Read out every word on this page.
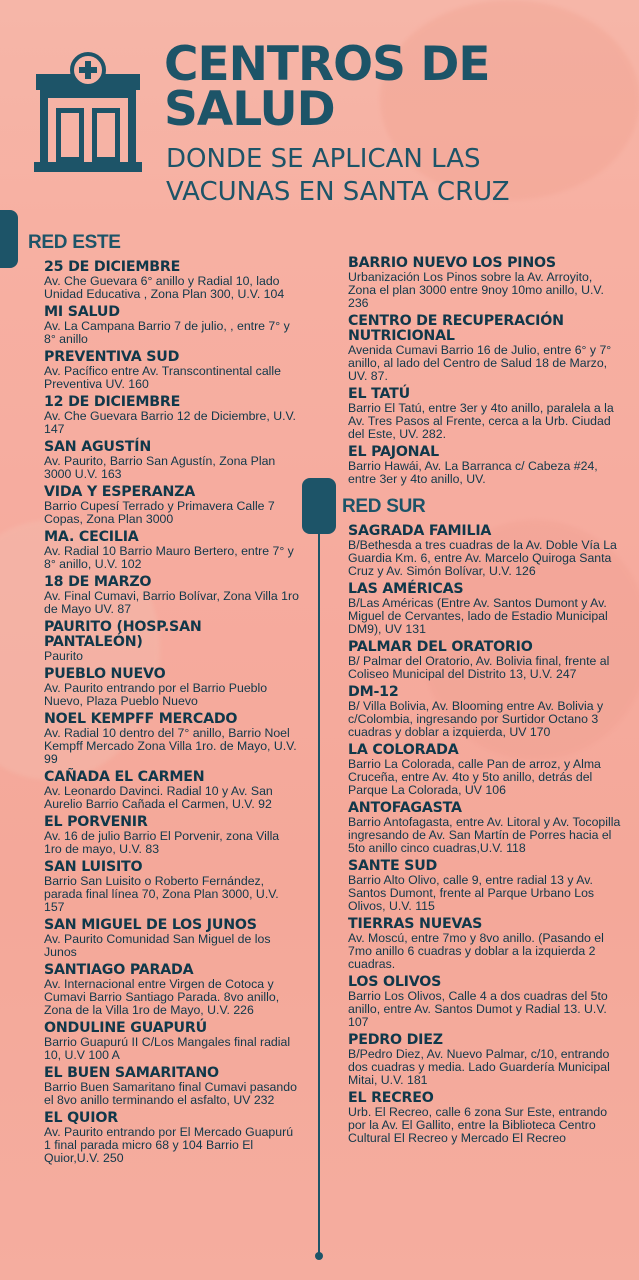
CENTROS DE
SALUD
DONDE SE APLICAN LAS
VACUNAS EN SANTA CRUZ
RED ESTE
RED SUR
25 DE DICIEMBRE
Av. Che Guevara 6° anillo y Radial 10, lado Unidad Educativa , Zona Plan 300, U.V. 104
MI SALUD
Av. La Campana Barrio 7 de julio, , entre 7° y 8° anillo
PREVENTIVA SUD
Av. Pacífico entre Av. Transcontinental calle Preventiva UV. 160
12 DE DICIEMBRE
Av. Che Guevara Barrio 12 de Diciembre, U.V. 147
SAN AGUSTÍN
Av. Paurito, Barrio San Agustín, Zona Plan 3000 U.V. 163
VIDA Y ESPERANZA
Barrio Cupesí Terrado y Primavera Calle 7 Copas, Zona Plan 3000
MA. CECILIA
Av. Radial 10 Barrio Mauro Bertero, entre 7° y 8° anillo, U.V. 102
18 DE MARZO
Av. Final Cumavi, Barrio Bolívar, Zona Villa 1ro de Mayo UV. 87
PAURITO (HOSP.SAN PANTALEÓN)
Paurito
PUEBLO NUEVO
Av. Paurito entrando por el Barrio Pueblo Nuevo, Plaza Pueblo Nuevo
NOEL KEMPFF MERCADO
Av. Radial 10 dentro del 7° anillo, Barrio Noel Kempff Mercado Zona Villa 1ro. de Mayo, U.V. 99
CAÑADA EL CARMEN
Av. Leonardo Davinci. Radial 10 y Av. San Aurelio Barrio Cañada el Carmen, U.V. 92
EL PORVENIR
Av. 16 de julio Barrio El Porvenir, zona Villa 1ro de mayo, U.V. 83
SAN LUISITO
Barrio San Luisito o Roberto Fernández, parada final línea 70, Zona Plan 3000, U.V. 157
SAN MIGUEL DE LOS JUNOS
Av. Paurito Comunidad San Miguel de los Junos
SANTIAGO PARADA
Av. Internacional entre Virgen de Cotoca y Cumavi Barrio Santiago Parada. 8vo anillo, Zona de la Villa 1ro de Mayo, U.V. 226
ONDULINE GUAPURÚ
Barrio Guapurú II C/Los Mangales final radial 10, U.V 100 A
EL BUEN SAMARITANO
Barrio Buen Samaritano final Cumavi pasando el 8vo anillo terminando el asfalto, UV 232
EL QUIOR
Av. Paurito entrando por El Mercado Guapurú 1 final parada micro 68 y 104 Barrio El Quior,U.V. 250
BARRIO NUEVO LOS PINOS
Urbanización Los Pinos sobre la Av. Arroyito, Zona el plan 3000 entre 9noy 10mo anillo, U.V. 236
CENTRO DE RECUPERACIÓN NUTRICIONAL
Avenida Cumavi Barrio 16 de Julio, entre 6° y 7° anillo, al lado del Centro de Salud 18 de Marzo, UV. 87.
EL TATÚ
Barrio El Tatú, entre 3er y 4to anillo, paralela a la Av. Tres Pasos al Frente, cerca a la Urb. Ciudad del Este, UV. 282.
EL PAJONAL
Barrio Hawái, Av. La Barranca c/ Cabeza #24, entre 3er y 4to anillo, UV.
SAGRADA FAMILIA
B/Bethesda a tres cuadras de la Av. Doble Vía La Guardia Km. 6, entre Av. Marcelo Quiroga Santa Cruz y Av. Simón Bolívar, U.V. 126
LAS AMÉRICAS
B/Las Américas (Entre Av. Santos Dumont y Av. Miguel de Cervantes, lado de Estadio Municipal DM9), UV 131
PALMAR DEL ORATORIO
B/ Palmar del Oratorio, Av. Bolivia final, frente al Coliseo Municipal del Distrito 13, U.V. 247
DM-12
B/ Villa Bolivia, Av. Blooming entre Av. Bolivia y c/Colombia, ingresando por Surtidor Octano 3 cuadras y doblar a izquierda, UV 170
LA COLORADA
Barrio La Colorada, calle Pan de arroz, y Alma Cruceña, entre Av. 4to y 5to anillo, detrás del Parque La Colorada, UV 106
ANTOFAGASTA
Barrio Antofagasta, entre Av. Litoral y Av. Tocopilla ingresando de Av. San Martín de Porres hacia el 5to anillo cinco cuadras,U.V. 118
SANTE SUD
Barrio Alto Olivo, calle 9, entre radial 13 y Av. Santos Dumont, frente al Parque Urbano Los Olivos, U.V. 115
TIERRAS NUEVAS
Av. Moscú, entre 7mo y 8vo anillo. (Pasando el 7mo anillo 6 cuadras y doblar a la izquierda 2 cuadras.
LOS OLIVOS
Barrio Los Olivos, Calle 4 a dos cuadras del 5to anillo, entre Av. Santos Dumot y Radial 13. U.V. 107
PEDRO DIEZ
B/Pedro Diez, Av. Nuevo Palmar, c/10, entrando dos cuadras y media. Lado Guardería Municipal Mitai, U.V. 181
EL RECREO
Urb. El Recreo, calle 6 zona Sur Este, entrando por la Av. El Gallito, entre la Biblioteca Centro Cultural El Recreo y Mercado El Recreo
